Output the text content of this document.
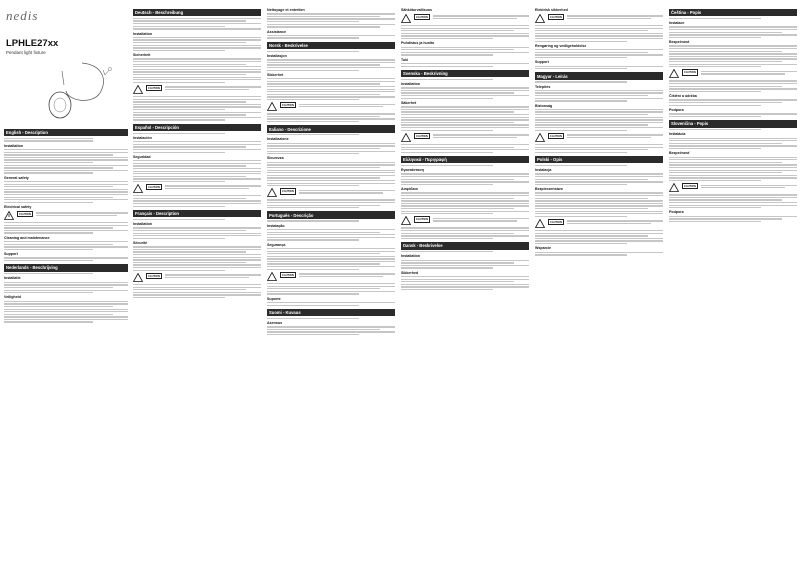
nedis
LPHLE27xx
Pendant light fixture
English - Description
Installation
General safety
Electrical safety
CAUTION
Cleaning and maintenance
Support
Nederlands - Beschrijving
Installatie
Veiligheid
Deutsch - Beschreibung
Installation
Sicherheit
CAUTION
Español - Descripción
Instalación
Seguridad
CAUTION
Français - Description
Installation
Sécurité
CAUTION
Nettoyage et entretien
Assistance
Norsk - Beskrivelse
Installasjon
Sikkerhet
CAUTION
Italiano - Descrizione
Installazione
Sicurezza
CAUTION
Português - Descrição
Instalação
Segurança
CAUTION
Suporte
Suomi - Kuvaus
Asennus
Sähköturvallisuus
CAUTION
Puhdistus ja huolto
Tuki
Svenska - Beskrivning
Installation
Säkerhet
CAUTION
Ελληνικά - Περιγραφή
Εγκατάσταση
Ασφάλεια
CAUTION
Dansk - Beskrivelse
Installation
Sikkerhed
Elektrisk sikkerhed
CAUTION
Rengøring og vedligeholdelse
Support
Magyar - Leírás
Telepítés
Biztonság
CAUTION
Polski - Opis
Instalacja
Bezpieczeństwo
CAUTION
Wsparcie
Čeština - Popis
Instalace
Bezpečnost
CAUTION
Čištění a údržba
Podpora
Slovenčina - Popis
Inštalácia
Bezpečnosť
CAUTION
Podpora
